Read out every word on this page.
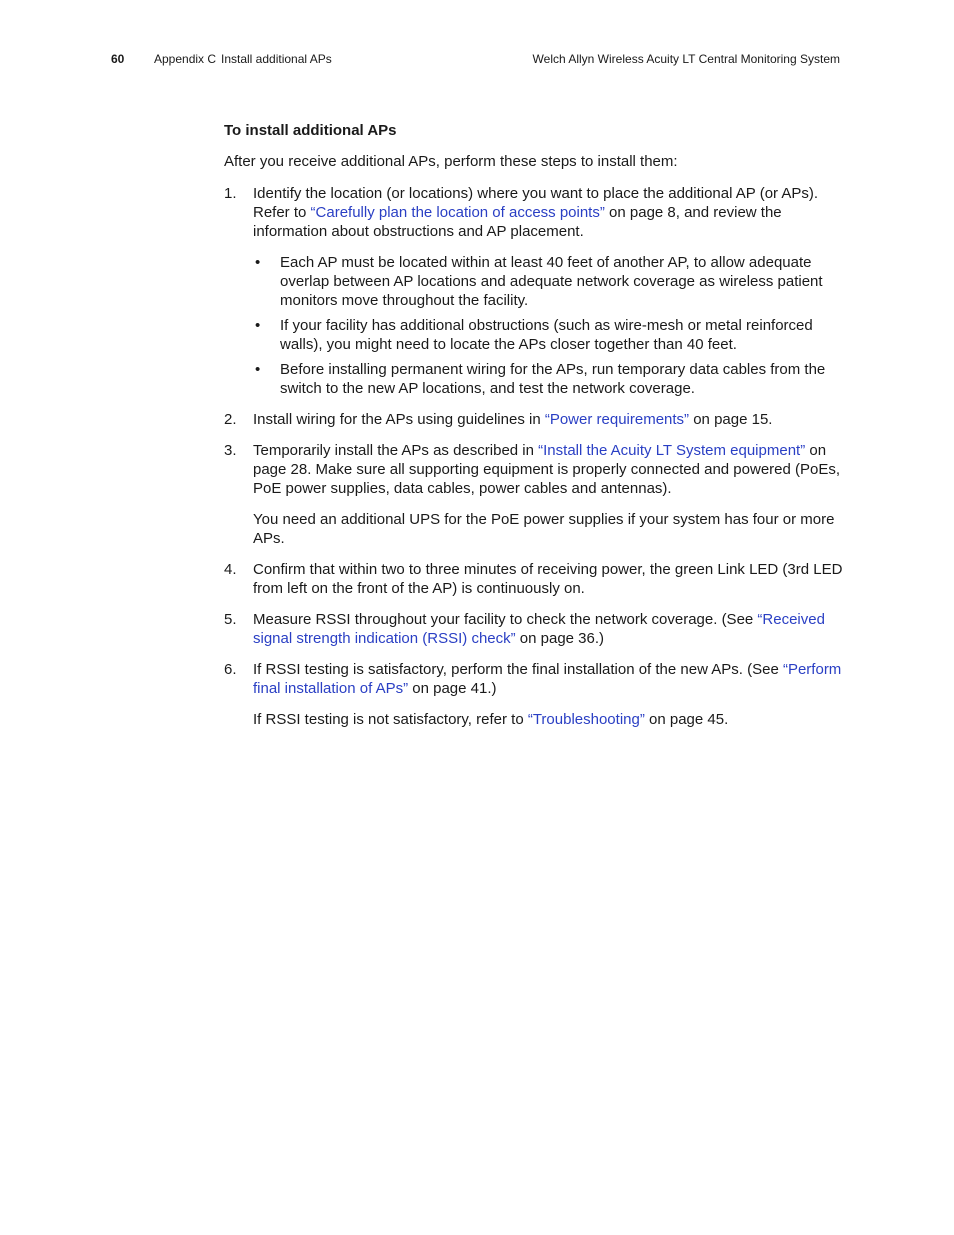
60 Appendix C Install additional APs	Welch Allyn Wireless Acuity LT Central Monitoring System

To install additional APs

After you receive additional APs, perform these steps to install them:

1. Identify the location (or locations) where you want to place the additional AP (or APs). Refer to “Carefully plan the location of access points” on page 8, and review the information about obstructions and AP placement.

• Each AP must be located within at least 40 feet of another AP, to allow adequate overlap between AP locations and adequate network coverage as wireless patient monitors move throughout the facility.
• If your facility has additional obstructions (such as wire-mesh or metal reinforced walls), you might need to locate the APs closer together than 40 feet.
• Before installing permanent wiring for the APs, run temporary data cables from the switch to the new AP locations, and test the network coverage.
2. Install wiring for the APs using guidelines in “Power requirements” on page 15.

3. Temporarily install the APs as described in “Install the Acuity LT System equipment” on page 28. Make sure all supporting equipment is properly connected and powered (PoEs, PoE power supplies, data cables, power cables and antennas).

You need an additional UPS for the PoE power supplies if your system has four or more APs.

4. Confirm that within two to three minutes of receiving power, the green Link LED (3rd LED from left on the front of the AP) is continuously on.

5. Measure RSSI throughout your facility to check the network coverage. (See “Received signal strength indication (RSSI) check” on page 36.)

6. If RSSI testing is satisfactory, perform the final installation of the new APs. (See “Perform final installation of APs” on page 41.)

If RSSI testing is not satisfactory, refer to “Troubleshooting” on page 45.
